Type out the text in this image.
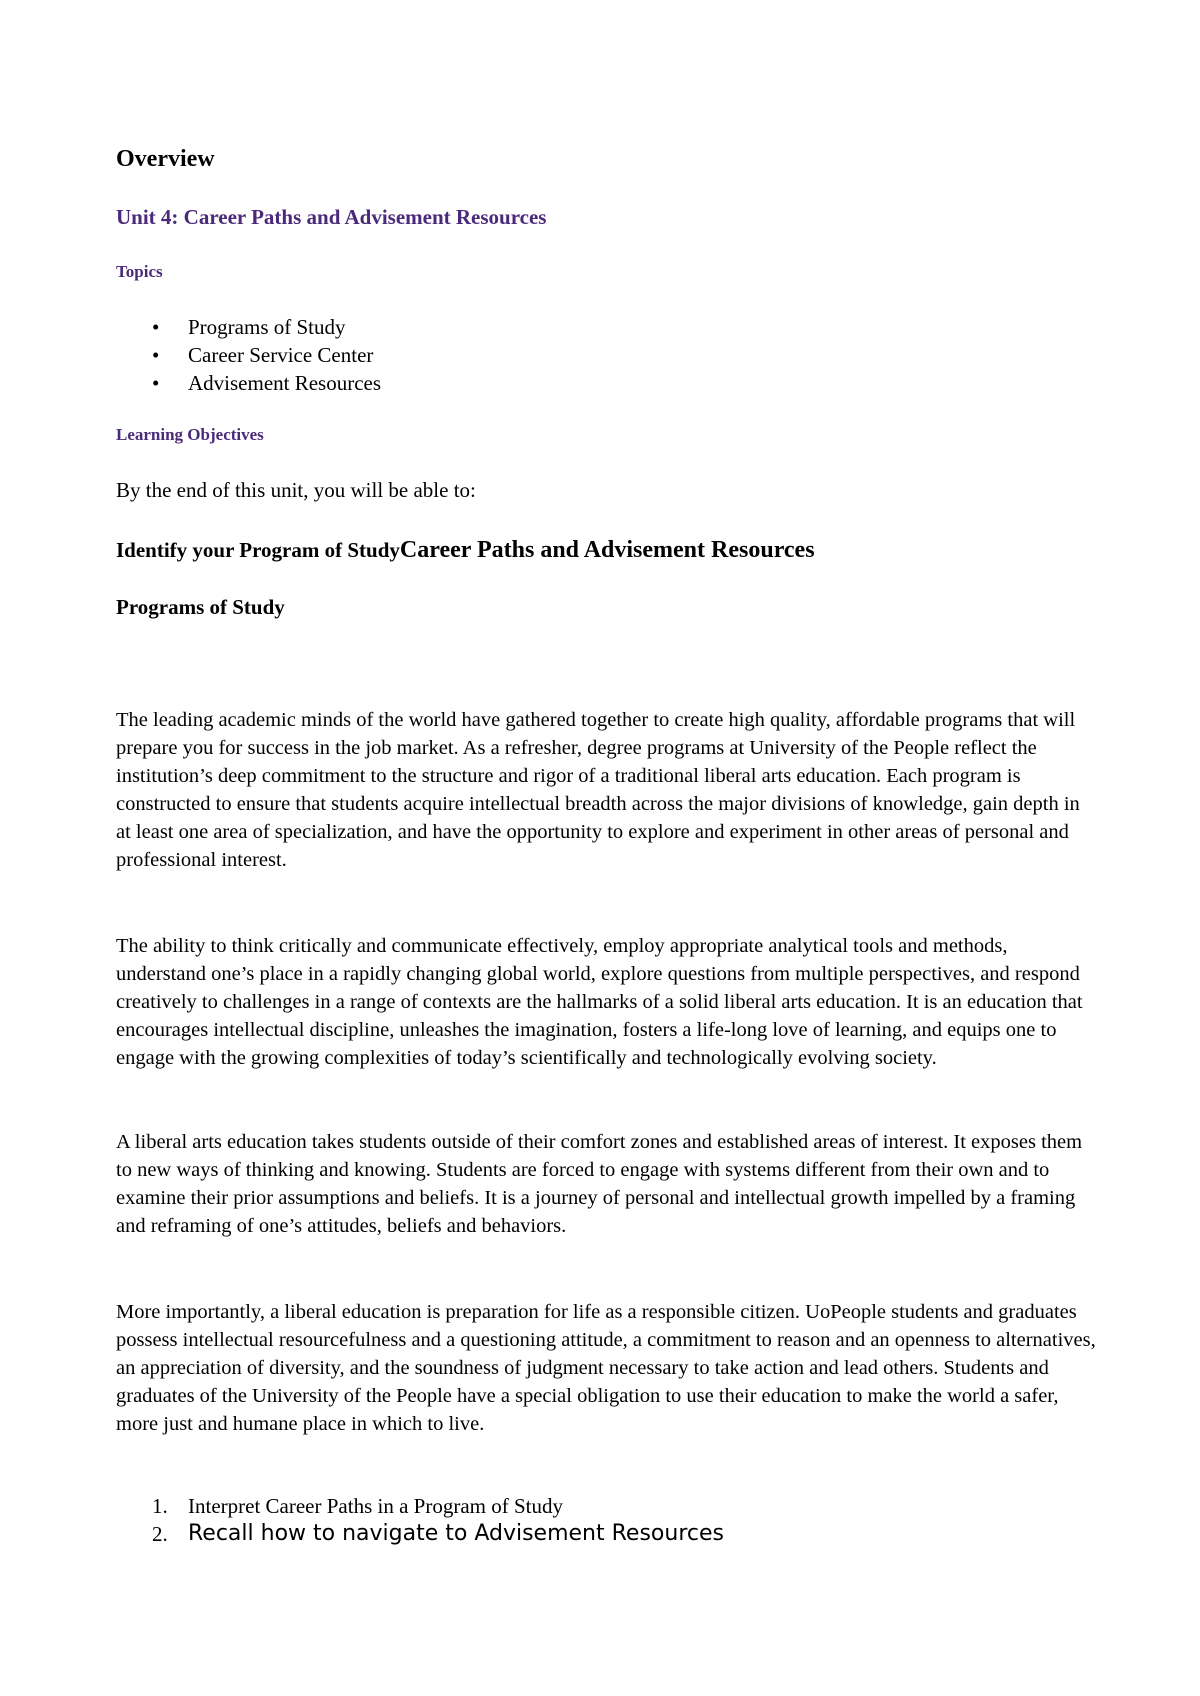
Overview
Unit 4: Career Paths and Advisement Resources
Topics
•	Programs of Study
•	Career Service Center
•	Advisement Resources
Learning Objectives

By the end of this unit, you will be able to:

Identify your Program of StudyCareer Paths and Advisement Resources
Programs of Study

The leading academic minds of the world have gathered together to create high quality, affordable programs that will prepare you for success in the job market. As a refresher, degree programs at University of the People reflect the institution’s deep commitment to the structure and rigor of a traditional liberal arts education. Each program is constructed to ensure that students acquire intellectual breadth across the major divisions of knowledge, gain depth in at least one area of specialization, and have the opportunity to explore and experiment in other areas of personal and professional interest.

The ability to think critically and communicate effectively, employ appropriate analytical tools and methods, understand one’s place in a rapidly changing global world, explore questions from multiple perspectives, and respond creatively to challenges in a range of contexts are the hallmarks of a solid liberal arts education. It is an education that encourages intellectual discipline, unleashes the imagination, fosters a life-long love of learning, and equips one to engage with the growing complexities of today’s scientifically and technologically evolving society.

A liberal arts education takes students outside of their comfort zones and established areas of interest. It exposes them to new ways of thinking and knowing. Students are forced to engage with systems different from their own and to examine their prior assumptions and beliefs. It is a journey of personal and intellectual growth impelled by a framing and reframing of one’s attitudes, beliefs and behaviors.

More importantly, a liberal education is preparation for life as a responsible citizen. UoPeople students and graduates possess intellectual resourcefulness and a questioning attitude, a commitment to reason and an openness to alternatives, an appreciation of diversity, and the soundness of judgment necessary to take action and lead others. Students and graduates of the University of the People have a special obligation to use their education to make the world a safer, more just and humane place in which to live.

1. Interpret Career Paths in a Program of Study
2. Recall how to navigate to Advisement Resources
